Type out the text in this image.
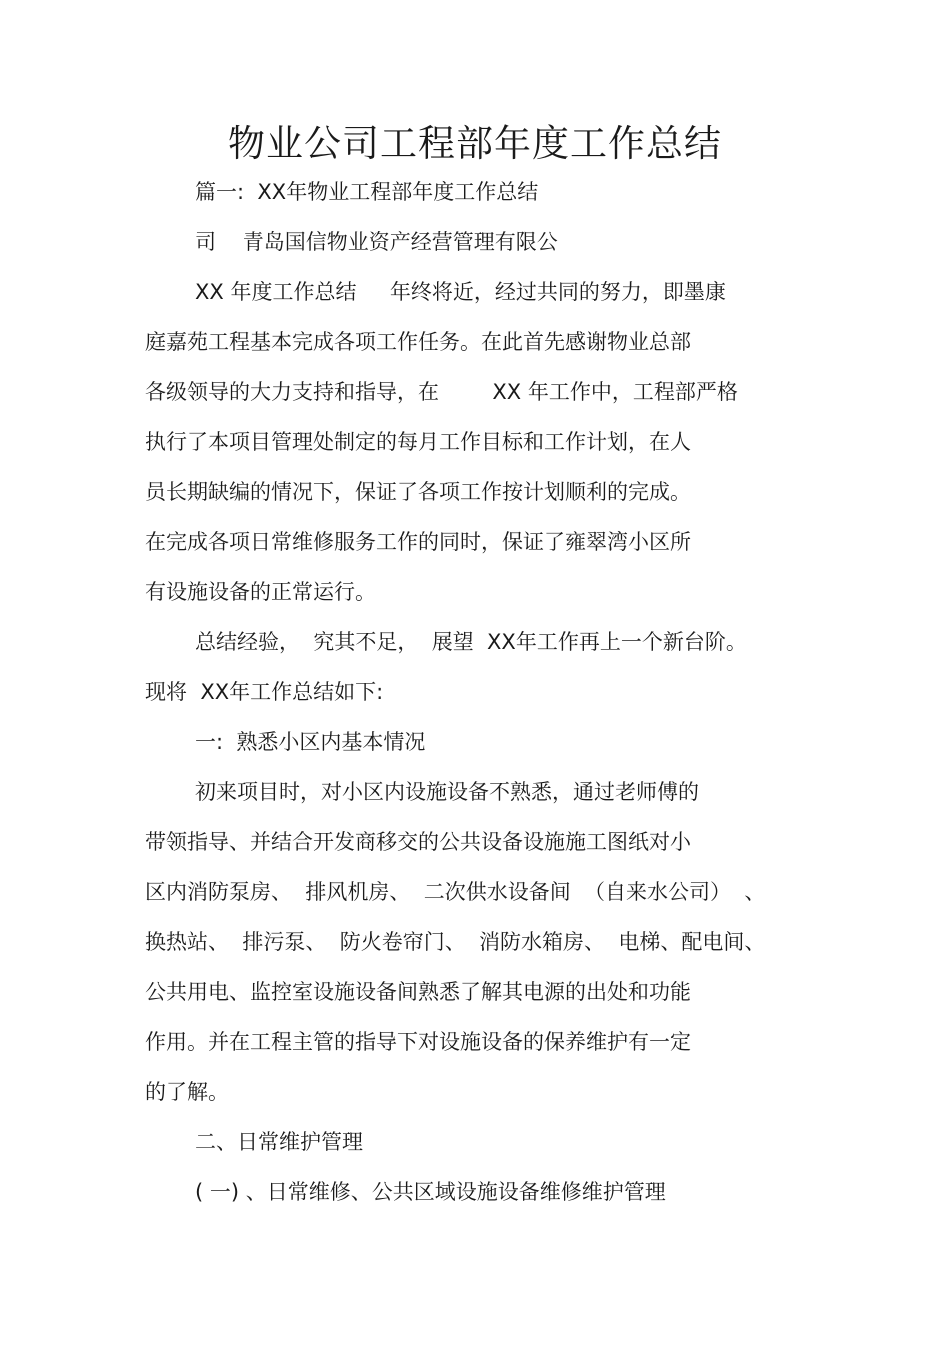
物业公司工程部年度工作总结
篇一:  XX年物业工程部年度工作总结
司    青岛国信物业资产经营管理有限公
XX 年度工作总结     年终将近，经过共同的努力，即墨康
庭嘉苑工程基本完成各项工作任务。在此首先感谢物业总部
各级领导的大力支持和指导，在        XX 年工作中，工程部严格
执行了本项目管理处制定的每月工作目标和工作计划，在人
员长期缺编的情况下，保证了各项工作按计划顺利的完成。
在完成各项日常维修服务工作的同时，保证了雍翠湾小区所
有设施设备的正常运行。
总结经验，  究其不足，  展望  XX年工作再上一个新台阶。
现将  XX年工作总结如下:
一:  熟悉小区内基本情况
初来项目时，对小区内设施设备不熟悉，通过老师傅的
带领指导、并结合开发商移交的公共设备设施施工图纸对小
区内消防泵房、  排风机房、  二次供水设备间  （自来水公司）  、
换热站、  排污泵、  防火卷帘门、  消防水箱房、  电梯、配电间、
公共用电、监控室设施设备间熟悉了解其电源的出处和功能
作用。并在工程主管的指导下对设施设备的保养维护有一定
的了解。
二、日常维护管理
( 一) 、日常维修、公共区域设施设备维修维护管理
